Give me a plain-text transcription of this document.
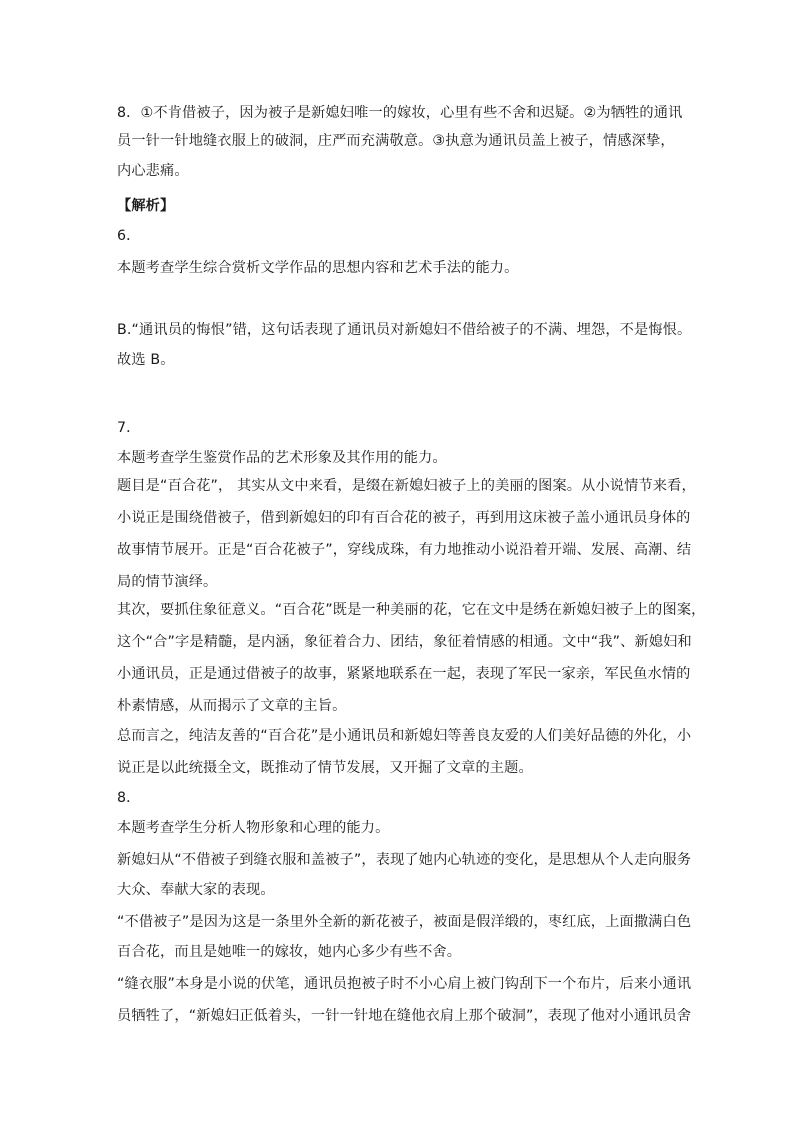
8．①不肯借被子，因为被子是新媳妇唯一的嫁妆，心里有些不舍和迟疑。②为牺牲的通讯
员一针一针地缝衣服上的破洞，庄严而充满敬意。③执意为通讯员盖上被子，情感深挚，
内心悲痛。
【解析】
6．
本题考查学生综合赏析文学作品的思想内容和艺术手法的能力。
B.“通讯员的悔恨”错，这句话表现了通讯员对新媳妇不借给被子的不满、埋怨，不是悔恨。
故选 B。
7．
本题考查学生鉴赏作品的艺术形象及其作用的能力。
题目是“百合花”， 其实从文中来看，是缀在新媳妇被子上的美丽的图案。从小说情节来看，
小说正是围绕借被子，借到新媳妇的印有百合花的被子，再到用这床被子盖小通讯员身体的
故事情节展开。正是“百合花被子”，穿线成珠，有力地推动小说沿着开端、发展、高潮、结
局的情节演绎。
其次，要抓住象征意义。“百合花”既是一种美丽的花，它在文中是绣在新媳妇被子上的图案，
这个“合”字是精髓，是内涵，象征着合力、团结，象征着情感的相通。文中“我”、新媳妇和
小通讯员，正是通过借被子的故事，紧紧地联系在一起，表现了军民一家亲，军民鱼水情的
朴素情感，从而揭示了文章的主旨。
总而言之，纯洁友善的“百合花”是小通讯员和新媳妇等善良友爱的人们美好品德的外化，小
说正是以此统摄全文，既推动了情节发展，又开掘了文章的主题。
8．
本题考查学生分析人物形象和心理的能力。
新媳妇从“不借被子到缝衣服和盖被子”，表现了她内心轨迹的变化，是思想从个人走向服务
大众、奉献大家的表现。
“不借被子”是因为这是一条里外全新的新花被子，被面是假洋缎的，枣红底，上面撒满白色
百合花，而且是她唯一的嫁妆，她内心多少有些不舍。
“缝衣服”本身是小说的伏笔，通讯员抱被子时不小心肩上被门钩刮下一个布片，后来小通讯
员牺牲了，“新媳妇正低着头，一针一针地在缝他衣肩上那个破洞”，表现了他对小通讯员舍
